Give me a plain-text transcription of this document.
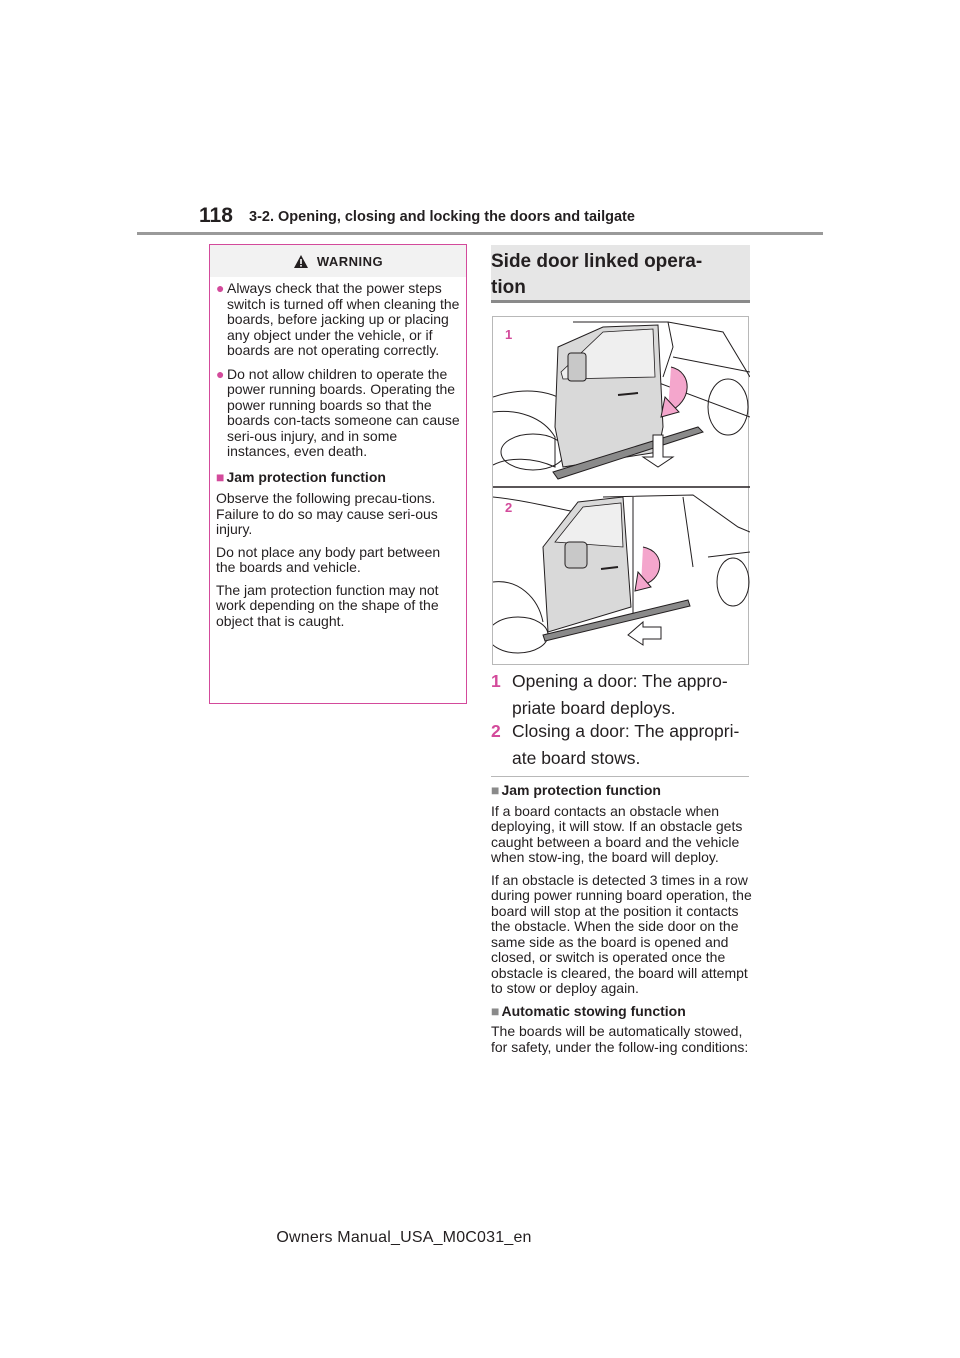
118 3-2. Opening, closing and locking the doors and tailgate
WARNING
● Always check that the power steps switch is turned off when cleaning the boards, before jacking up or placing any object under the vehicle, or if boards are not operating correctly.
● Do not allow children to operate the power running boards. Operating the power running boards so that the boards con-tacts someone can cause seri-ous injury, and in some instances, even death.
■ Jam protection function
Observe the following precau-tions.
Failure to do so may cause seri-ous injury.
Do not place any body part between the boards and vehicle.
The jam protection function may not work depending on the shape of the object that is caught.
Side door linked opera-tion
1
2
1 Opening a door: The appro-priate board deploys.
2 Closing a door: The appropri-ate board stows.
■ Jam protection function
If a board contacts an obstacle when deploying, it will stow. If an obstacle gets caught between a board and the vehicle when stow-ing, the board will deploy.
If an obstacle is detected 3 times in a row during power running board operation, the board will stop at the position it contacts the obstacle. When the side door on the same side as the board is opened and closed, or switch is operated once the obstacle is cleared, the board will attempt to stow or deploy again.
■ Automatic stowing function
The boards will be automatically stowed, for safety, under the follow-ing conditions:
Owners Manual_USA_M0C031_en
